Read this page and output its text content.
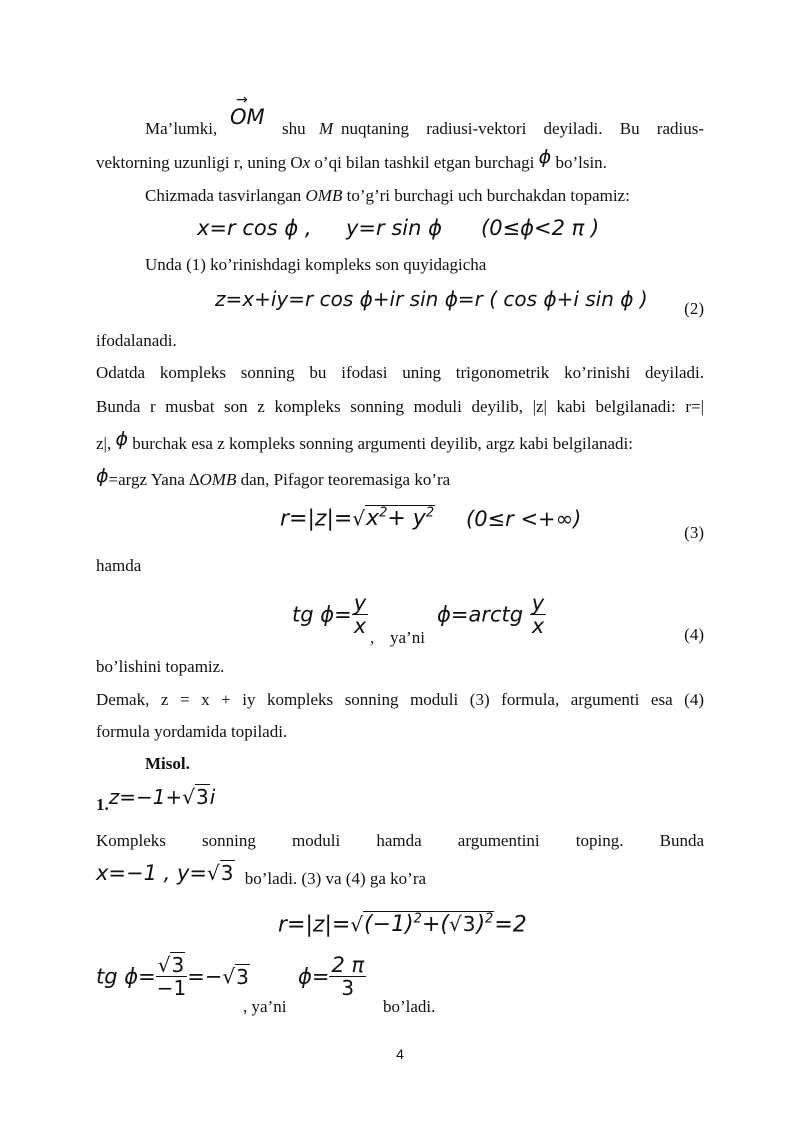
Ma’lumki,
→
OM shu M nuqtaning radiusi-vektori deyiladi. Bu radius-
vektorning uzunligi r, uning Ox o’qi bilan tashkil etgan burchagi ϕ bo’lsin.
Chizmada tasvirlangan OMB to’g’ri burchagi uch burchakdan topamiz:
x=r cos ϕ , y=r sin ϕ (0≤ϕ<2 π )
Unda (1) ko’rinishdagi kompleks son quyidagicha
z=x+iy=r cos ϕ+ir sin ϕ=r ( cos ϕ+i sin ϕ ) (2)
ifodalanadi.
Odatda kompleks sonning bu ifodasi uning trigonometrik ko’rinishi deyiladi.
Bunda r musbat son z kompleks sonning moduli deyilib, |z| kabi belgilanadi: r=|
z|, ϕ burchak esa z kompleks sonning argumenti deyilib, argz kabi belgilanadi:
ϕ=argz Yana ∆OMB dan, Pifagor teoremasiga ko’ra
$r=|z|=√x^2+ y^2$ (0≤r <+∞)
(3)
hamda
tg $\phi= \frac{y}{x}$
, ya’ni
ϕ=arctg $\frac{y}{x}$	(4)
bo’lishini topamiz.
Demak, z = x + iy kompleks sonning moduli (3) formula, argumenti esa (4)
formula yordamida topiladi.
Misol.
1.z=−1+√3i
Kompleks sonning moduli hamda argumentini toping. Bunda
x=−1 , y=√3 bo’ladi. (3) va (4) ga ko’ra
$r=|z|=√(-1)^2+(√3)^2=2$
tg $\phi= \frac{√3}{-1} =-√3$
, ya’ni
$\phi= \frac{2 \pi}{3}$
bo’ladi.
4
